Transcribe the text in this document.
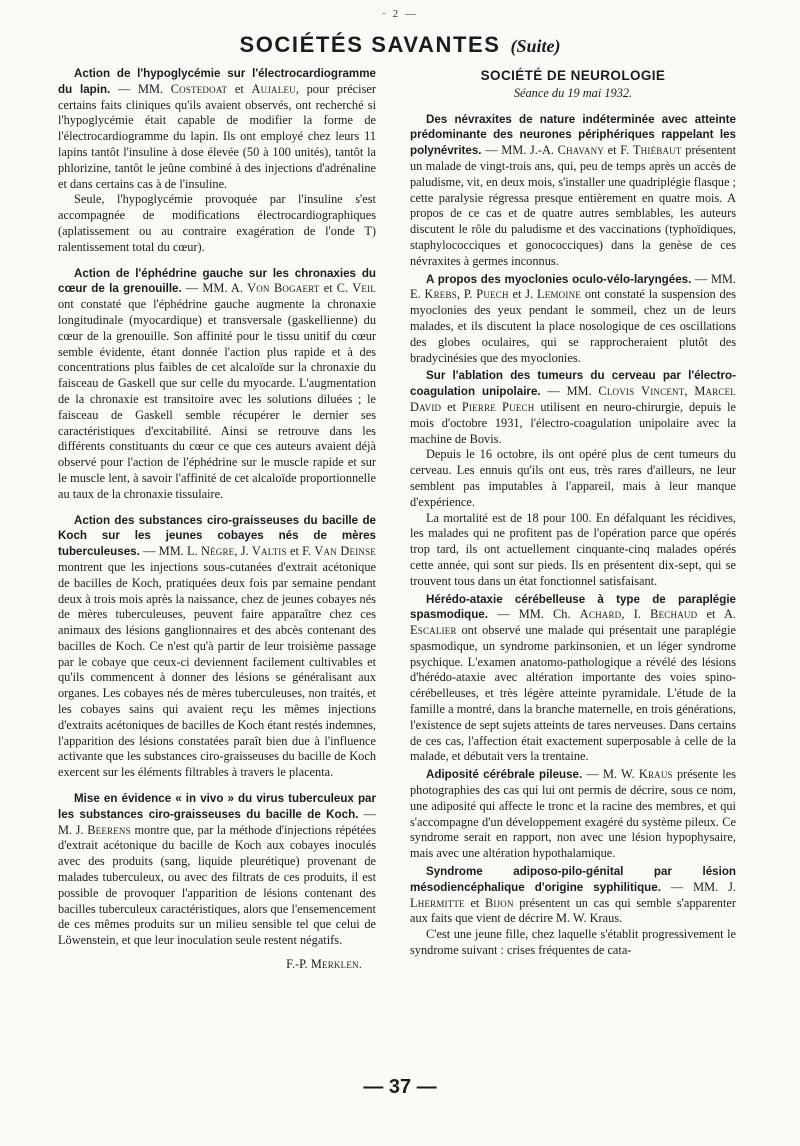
· 2 —
SOCIÉTÉS SAVANTES (Suite)

Action de l'hypoglycémie sur l'électrocardiogramme du lapin. — MM. Costedoat et Aujaleu, pour préciser certains faits cliniques qu'ils avaient observés, ont recherché si l'hypoglycémie était capable de modifier la forme de l'électrocardiogramme du lapin. Ils ont employé chez leurs 11 lapins tantôt l'insuline à dose élevée (50 à 100 unités), tantôt la phlorizine, tantôt le jeûne combiné à des injections d'adrénaline et dans certains cas à de l'insuline.

Seule, l'hypoglycémie provoquée par l'insuline s'est accompagnée de modifications électrocardiographiques (aplatissement ou au contraire exagération de l'onde T) ralentissement total du cœur).

Action de l'éphédrine gauche sur les chronaxies du cœur de la grenouille. — MM. A. Von Bogaert et C. Veil ont constaté que l'éphédrine gauche augmente la chronaxie longitudinale (myocardique) et transversale (gaskellienne) du cœur de la grenouille. Son affinité pour le tissu unitif du cœur semble évidente, étant donnée l'action plus rapide et à des concentrations plus faibles de cet alcaloïde sur la chronaxie du faisceau de Gaskell que sur celle du myocarde. L'augmentation de la chronaxie est transitoire avec les solutions diluées ; le faisceau de Gaskell semble récupérer le dernier ses caractéristiques d'excitabilité. Ainsi se retrouve dans les différents constituants du cœur ce que ces auteurs avaient déjà observé pour l'action de l'éphédrine sur le muscle rapide et sur le muscle lent, à savoir l'affinité de cet alcaloïde proportionnelle au taux de la chronaxie tissulaire.

Action des substances ciro-graisseuses du bacille de Koch sur les jeunes cobayes nés de mères tuberculeuses. — MM. L. Nègre, J. Valtis et F. Van Deinse montrent que les injections sous-cutanées d'extrait acétonique de bacilles de Koch, pratiquées deux fois par semaine pendant deux à trois mois après la naissance, chez de jeunes cobayes nés de mères tuberculeuses, peuvent faire apparaître chez ces animaux des lésions ganglionnaires et des abcès contenant des bacilles de Koch. Ce n'est qu'à partir de leur troisième passage par le cobaye que ceux-ci deviennent facilement cultivables et qu'ils commencent à donner des lésions se généralisant aux organes. Les cobayes nés de mères tuberculeuses, non traités, et les cobayes sains qui avaient reçu les mêmes injections d'extraits acétoniques de bacilles de Koch étant restés indemnes, l'apparition des lésions constatées paraît bien due à l'influence activante que les substances ciro-graisseuses du bacille de Koch exercent sur les éléments filtrables à travers le placenta.

Mise en évidence « in vivo » du virus tuberculeux par les substances ciro-graisseuses du bacille de Koch. — M. J. Beerens montre que, par la méthode d'injections répétées d'extrait acétonique du bacille de Koch aux cobayes inoculés avec des produits (sang, liquide pleurétique) provenant de malades tuberculeux, ou avec des filtrats de ces produits, il est possible de provoquer l'apparition de lésions contenant des bacilles tuberculeux caractéristiques, alors que l'ensemencement de ces mêmes produits sur un milieu sensible tel que celui de Löwenstein, et que leur inoculation seule restent négatifs.

F.-P. Merklen.
SOCIÉTÉ DE NEUROLOGIE
Séance du 19 mai 1932.

Des névraxites de nature indéterminée avec atteinte prédominante des neurones périphériques rappelant les polynévrites. — MM. J.-A. Chavany et F. Thiébaut présentent un malade de vingt-trois ans, qui, peu de temps après un accès de paludisme, vit, en deux mois, s'installer une quadriplégie flasque ; cette paralysie régressa presque entièrement en quatre mois. A propos de ce cas et de quatre autres semblables, les auteurs discutent le rôle du paludisme et des vaccinations (typhoïdiques, staphylococciques et gonococciques) dans la genèse de ces névraxites à germes inconnus.

A propos des myoclonies oculo-vélo-laryngées. — MM. E. Krebs, P. Puech et J. Lemoine ont constaté la suspension des myoclonies des yeux pendant le sommeil, chez un de leurs malades, et ils discutent la place nosologique de ces oscillations des globes oculaires, qui se rapprocheraient plutôt des bradycinésies que des myoclonies.

Sur l'ablation des tumeurs du cerveau par l'électro-coagulation unipolaire. — MM. Clovis Vincent, Marcel David et Pierre Puech utilisent en neuro-chirurgie, depuis le mois d'octobre 1931, l'électro-coagulation unipolaire avec la machine de Bovis.

Depuis le 16 octobre, ils ont opéré plus de cent tumeurs du cerveau. Les ennuis qu'ils ont eus, très rares d'ailleurs, ne leur semblent pas imputables à l'appareil, mais à leur manque d'expérience.

La mortalité est de 18 pour 100. En défalquant les récidives, les malades qui ne profitent pas de l'opération parce que opérés trop tard, ils ont actuellement cinquante-cinq malades opérés cette année, qui sont sur pieds. Ils en présentent dix-sept, qui se trouvent tous dans un état fonctionnel satisfaisant.

Hérédo-ataxie cérébelleuse à type de paraplégie spasmodique. — MM. Ch. Achard, I. Bechaud et A. Escalier ont observé une malade qui présentait une paraplégie spasmodique, un syndrome parkinsonien, et un léger syndrome psychique. L'examen anatomo-pathologique a révélé des lésions d'hérédo-ataxie avec altération importante des voies spino-cérébelleuses, et très légère atteinte pyramidale. L'étude de la famille a montré, dans la branche maternelle, en trois générations, l'existence de sept sujets atteints de tares nerveuses. Dans certains de ces cas, l'affection était exactement superposable à celle de la malade, et débutait vers la trentaine.

Adiposité cérébrale pileuse. — M. W. Kraus présente les photographies des cas qui lui ont permis de décrire, sous ce nom, une adiposité qui affecte le tronc et la racine des membres, et qui s'accompagne d'un développement exagéré du système pileux. Ce syndrome serait en rapport, non avec une lésion hypophysaire, mais avec une altération hypothalamique.

Syndrome adiposo-pilo-génital par lésion mésodiencéphalique d'origine syphilitique. — MM. J. Lhermitte et Bijon présentent un cas qui semble s'apparenter aux faits que vient de décrire M. W. Kraus.

C'est une jeune fille, chez laquelle s'établit progressivement le syndrome suivant : crises fréquentes de cata-

— 37 —
